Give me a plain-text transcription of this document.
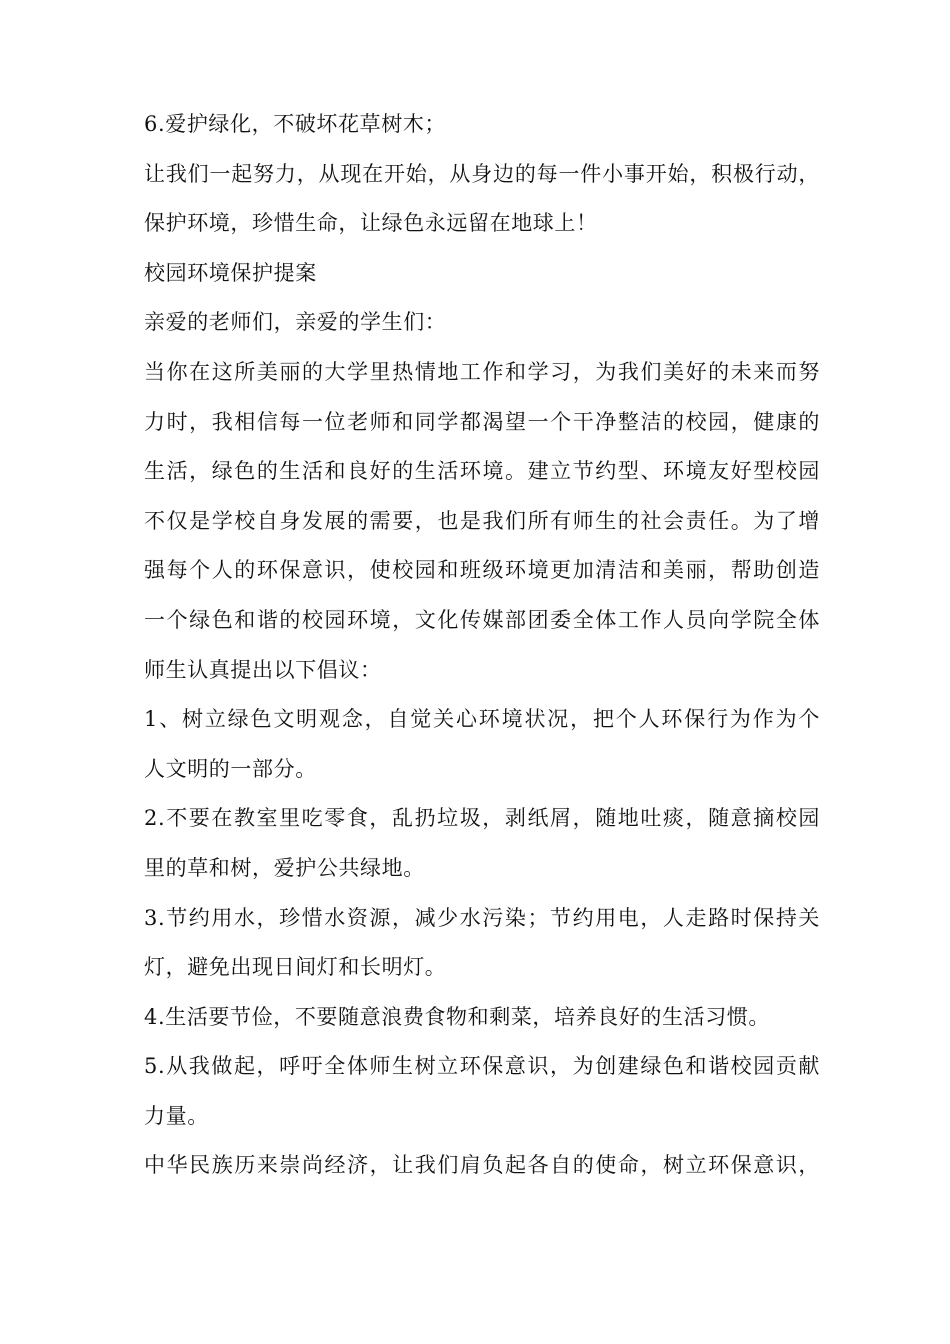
6.爱护绿化，不破坏花草树木；
让我们一起努力，从现在开始，从身边的每一件小事开始，积极行动，
保护环境，珍惜生命，让绿色永远留在地球上！
校园环境保护提案
亲爱的老师们，亲爱的学生们：
当你在这所美丽的大学里热情地工作和学习，为我们美好的未来而努
力时，我相信每一位老师和同学都渴望一个干净整洁的校园，健康的
生活，绿色的生活和良好的生活环境。建立节约型、环境友好型校园
不仅是学校自身发展的需要，也是我们所有师生的社会责任。为了增
强每个人的环保意识，使校园和班级环境更加清洁和美丽，帮助创造
一个绿色和谐的校园环境，文化传媒部团委全体工作人员向学院全体
师生认真提出以下倡议：
1、树立绿色文明观念，自觉关心环境状况，把个人环保行为作为个
人文明的一部分。
2.不要在教室里吃零食，乱扔垃圾，剥纸屑，随地吐痰，随意摘校园
里的草和树，爱护公共绿地。
3.节约用水，珍惜水资源，减少水污染；节约用电，人走路时保持关
灯，避免出现日间灯和长明灯。
4.生活要节俭，不要随意浪费食物和剩菜，培养良好的生活习惯。
5.从我做起，呼吁全体师生树立环保意识，为创建绿色和谐校园贡献
力量。
中华民族历来崇尚经济，让我们肩负起各自的使命，树立环保意识，
